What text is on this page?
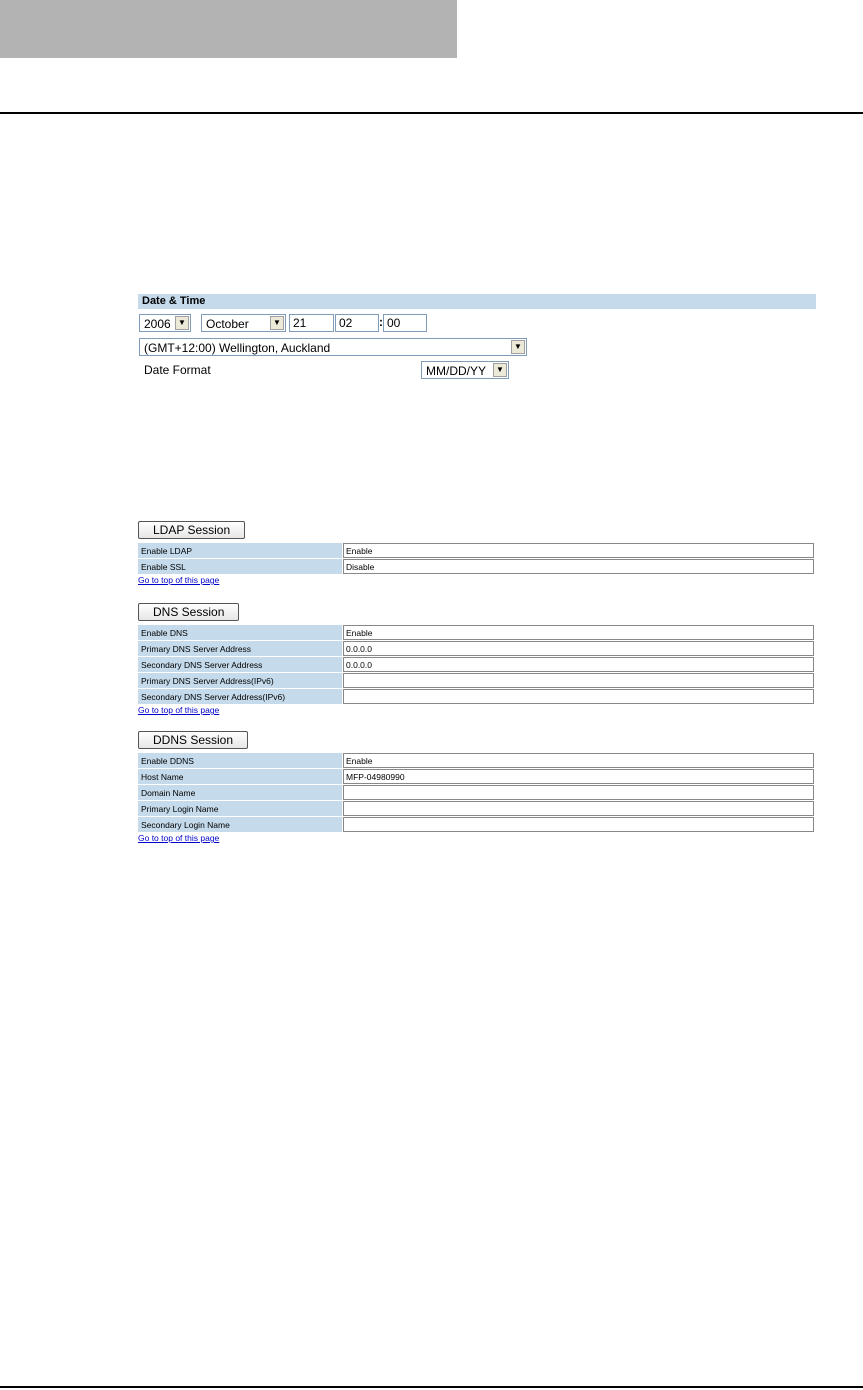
Date & Time
2006 ▼	October	▼	21	02	: 00
(GMT+12:00) Wellington, Auckland	▼
Date Format	MM/DD/YY	▼
LDAP Session
Enable LDAP	Enable
Enable SSL	Disable
Go to top of this page
DNS Session
Enable DNS	Enable
Primary DNS Server Address	0.0.0.0
Secondary DNS Server Address	0.0.0.0
Primary DNS Server Address(IPv6)	
Secondary DNS Server Address(IPv6)	
Go to top of this page
DDNS Session
Enable DDNS	Enable
Host Name	MFP-04980990
Domain Name	
Primary Login Name	
Secondary Login Name	
Go to top of this page
